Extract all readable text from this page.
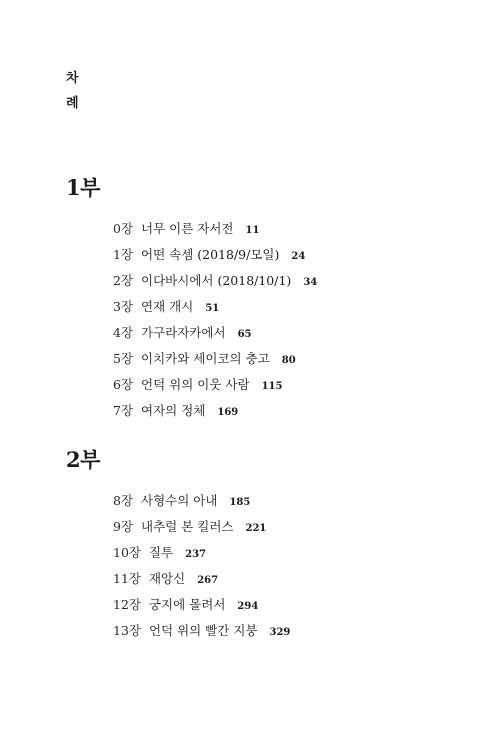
차
례
1부
0장 너무 이른 자서전 11
1장 어떤 속셈 (2018/9/모일) 24
2장 이다바시에서 (2018/10/1) 34
3장 연재 개시 51
4장 가구라자카에서 65
5장 이치카와 세이코의 충고 80
6장 언덕 위의 이웃 사람 115
7장 여자의 정체 169
2부
8장 사형수의 아내 185
9장 내추럴 본 킬러스 221
10장 질투 237
11장 재앙신 267
12장 궁지에 몰려서 294
13장 언덕 위의 빨간 지붕 329
